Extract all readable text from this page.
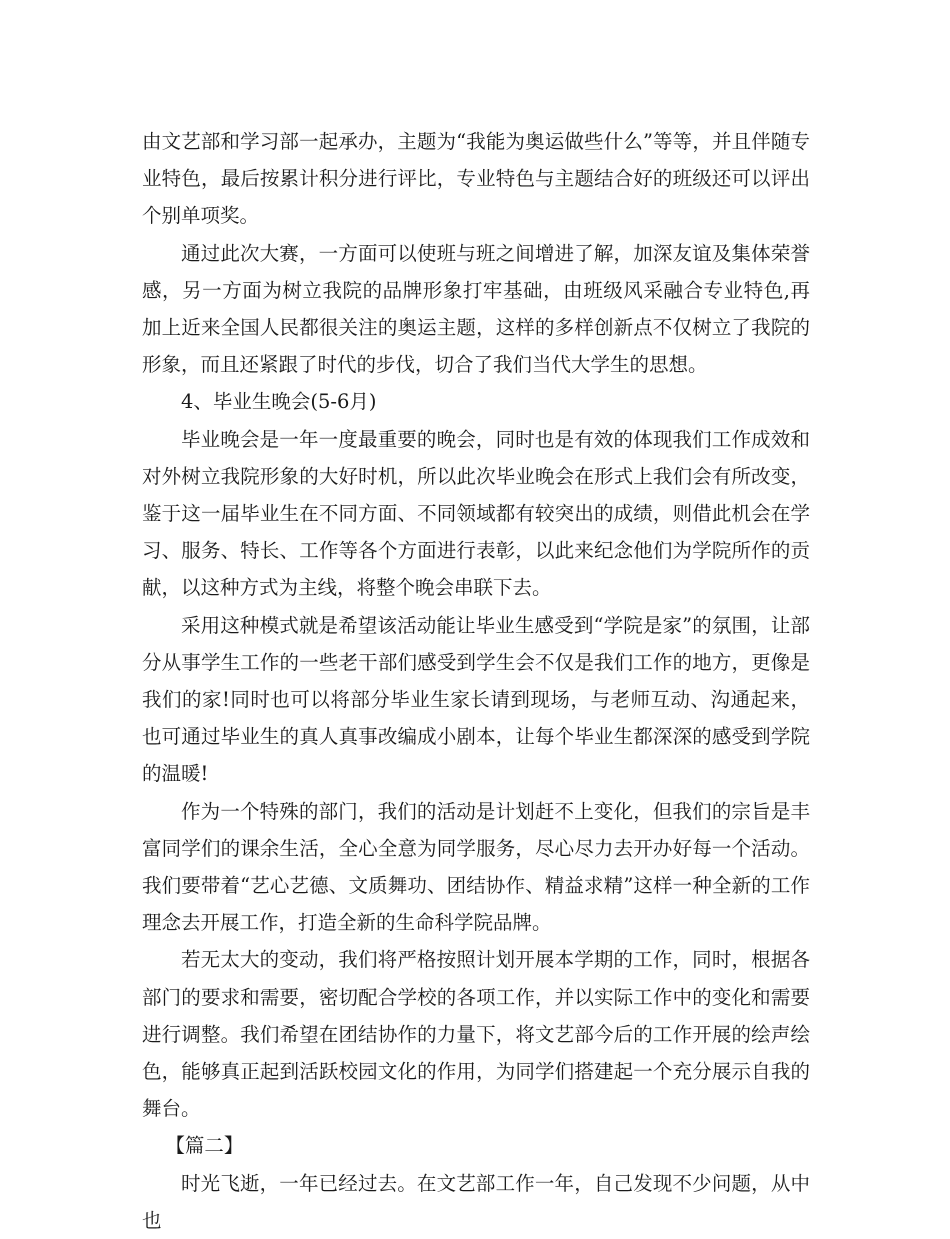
由文艺部和学习部一起承办，主题为“我能为奥运做些什么”等等，并且伴随专业特色，最后按累计积分进行评比，专业特色与主题结合好的班级还可以评出个别单项奖。

通过此次大赛，一方面可以使班与班之间增进了解，加深友谊及集体荣誉感，另一方面为树立我院的品牌形象打牢基础，由班级风采融合专业特色,再加上近来全国人民都很关注的奥运主题，这样的多样创新点不仅树立了我院的形象，而且还紧跟了时代的步伐，切合了我们当代大学生的思想。

4、毕业生晚会(5-6月)

毕业晚会是一年一度最重要的晚会，同时也是有效的体现我们工作成效和对外树立我院形象的大好时机，所以此次毕业晚会在形式上我们会有所改变，鉴于这一届毕业生在不同方面、不同领域都有较突出的成绩，则借此机会在学习、服务、特长、工作等各个方面进行表彰，以此来纪念他们为学院所作的贡献，以这种方式为主线，将整个晚会串联下去。

采用这种模式就是希望该活动能让毕业生感受到“学院是家”的氛围，让部分从事学生工作的一些老干部们感受到学生会不仅是我们工作的地方，更像是我们的家!同时也可以将部分毕业生家长请到现场，与老师互动、沟通起来，也可通过毕业生的真人真事改编成小剧本，让每个毕业生都深深的感受到学院的温暖!

作为一个特殊的部门，我们的活动是计划赶不上变化，但我们的宗旨是丰富同学们的课余生活，全心全意为同学服务，尽心尽力去开办好每一个活动。我们要带着“艺心艺德、文质舞功、团结协作、精益求精”这样一种全新的工作理念去开展工作，打造全新的生命科学院品牌。

若无太大的变动，我们将严格按照计划开展本学期的工作，同时，根据各部门的要求和需要，密切配合学校的各项工作，并以实际工作中的变化和需要进行调整。我们希望在团结协作的力量下，将文艺部今后的工作开展的绘声绘色，能够真正起到活跃校园文化的作用，为同学们搭建起一个充分展示自我的舞台。

【篇二】

时光飞逝，一年已经过去。在文艺部工作一年，自己发现不少问题，从中也
